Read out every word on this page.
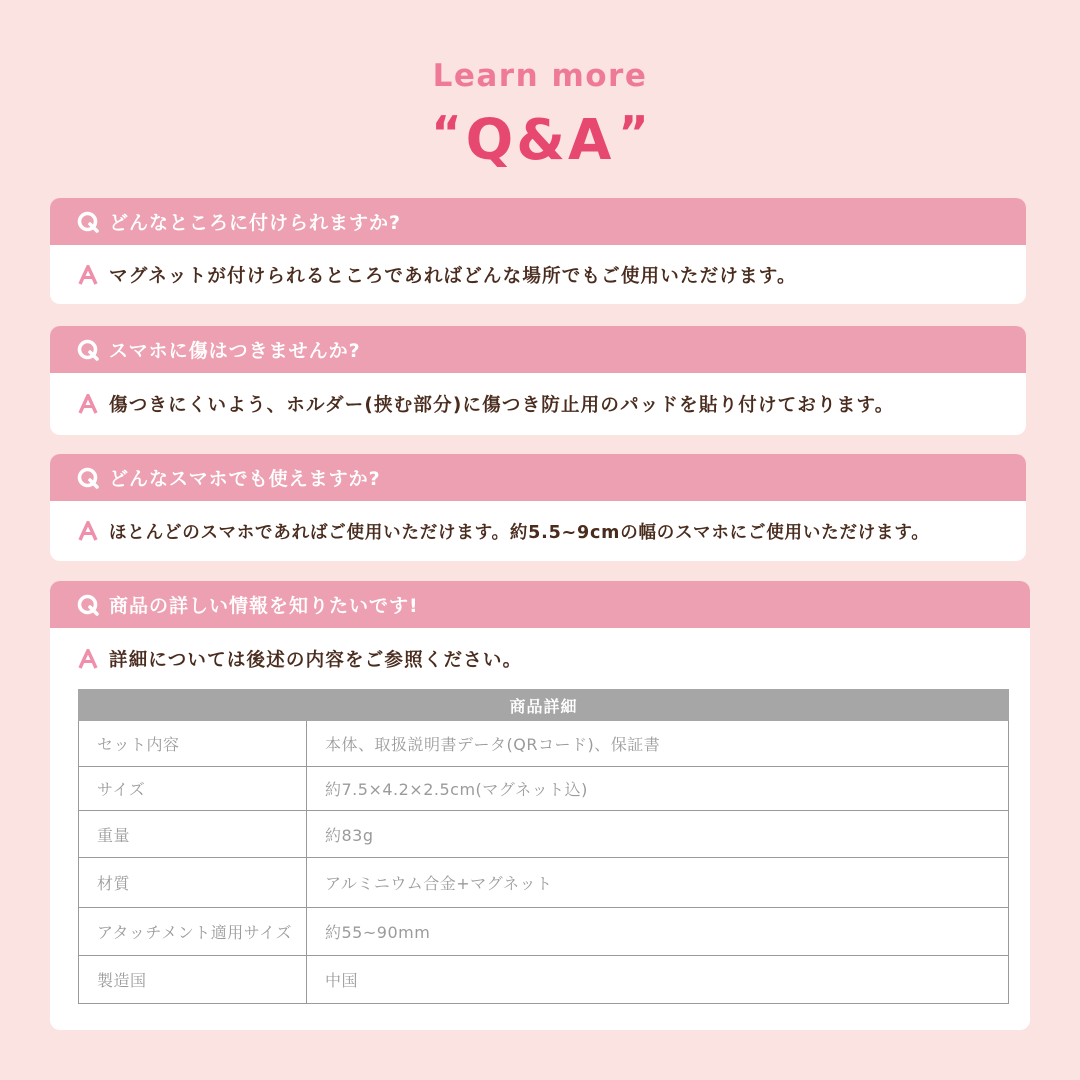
Learn more
“Q&A”
どんなところに付けられますか?
マグネットが付けられるところであればどんな場所でもご使用いただけます。
スマホに傷はつきませんか?
傷つきにくいよう、ホルダー(挟む部分)に傷つき防止用のパッドを貼り付けております。
どんなスマホでも使えますか?
ほとんどのスマホであればご使用いただけます。約5.5~9cmの幅のスマホにご使用いただけます。
商品の詳しい情報を知りたいです!
詳細については後述の内容をご参照ください。
商品詳細	
セット内容	本体、取扱説明書データ(QRコード)、保証書
サイズ	約7.5×4.2×2.5cm(マグネット込)
重量	約83g
材質	アルミニウム合金+マグネット
アタッチメント適用サイズ	約55~90mm
製造国	中国
